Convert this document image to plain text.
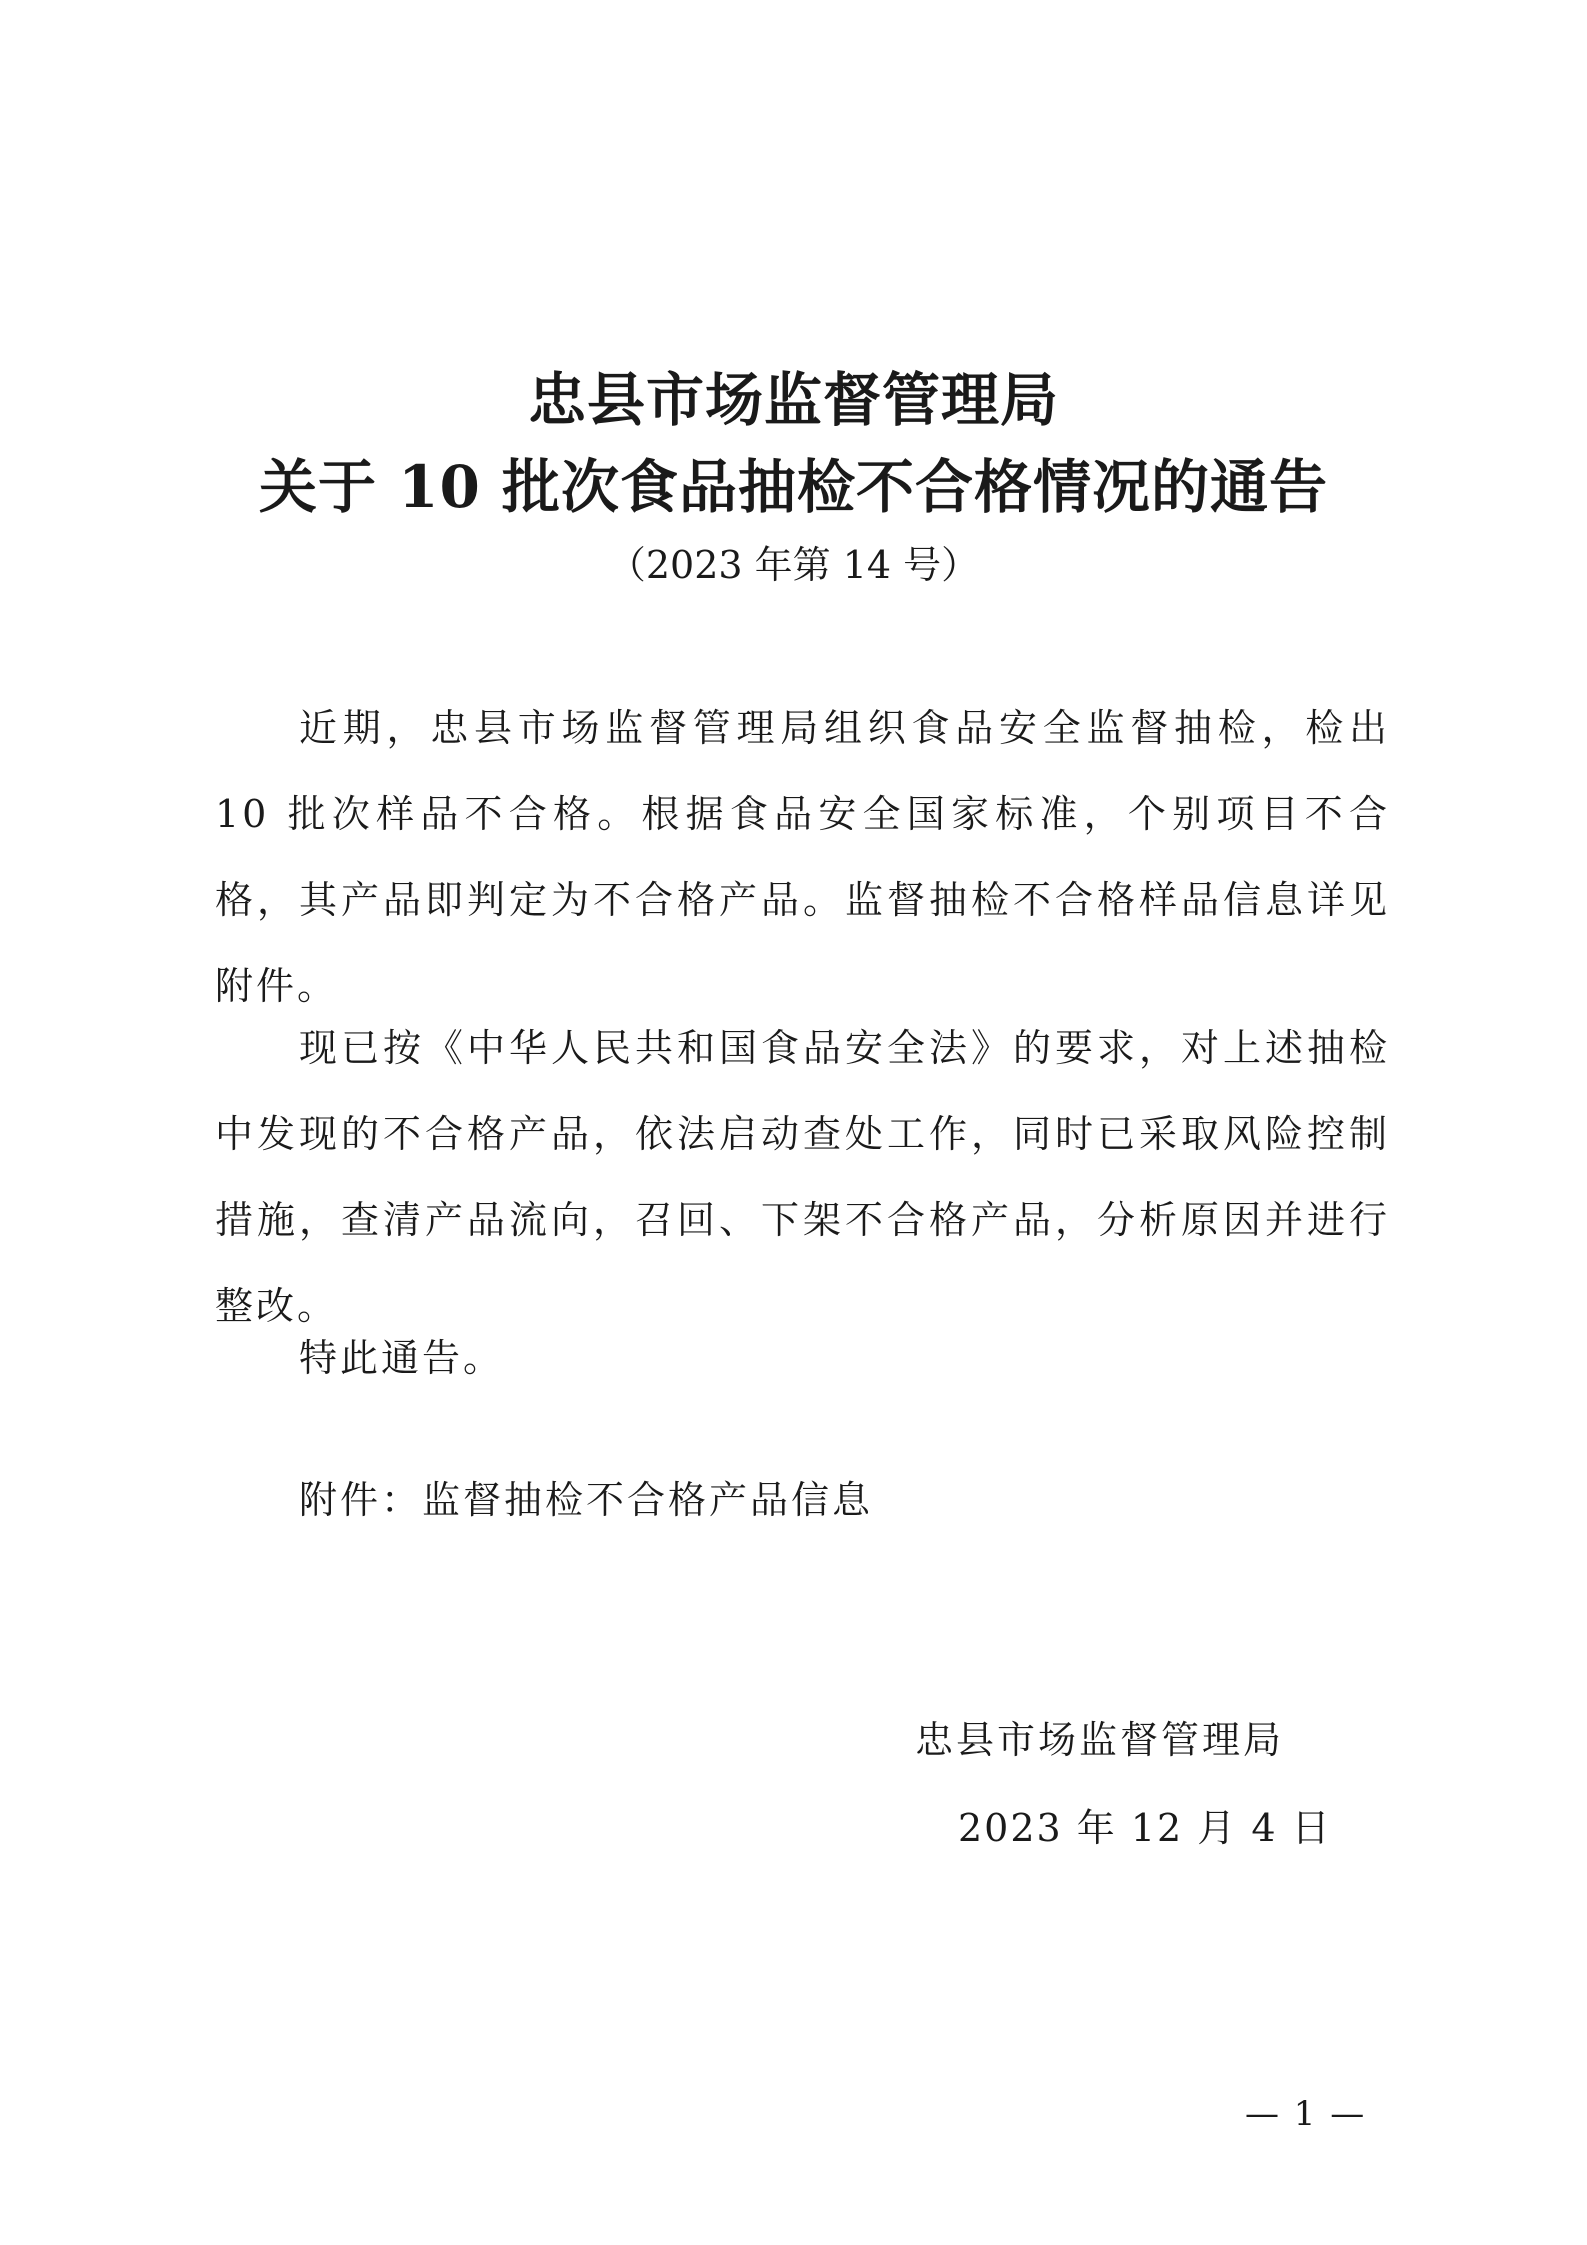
忠县市场监督管理局
关于 10 批次食品抽检不合格情况的通告
（2023 年第 14 号）

近期，忠县市场监督管理局组织食品安全监督抽检，检出 10 批次样品不合格。根据食品安全国家标准，个别项目不合格，其产品即判定为不合格产品。监督抽检不合格样品信息详见附件。

现已按《中华人民共和国食品安全法》的要求，对上述抽检中发现的不合格产品，依法启动查处工作，同时已采取风险控制措施，查清产品流向，召回、下架不合格产品，分析原因并进行整改。

特此通告。

附件：监督抽检不合格产品信息
忠县市场监督管理局
2023 年 12 月 4 日
— 1 —
